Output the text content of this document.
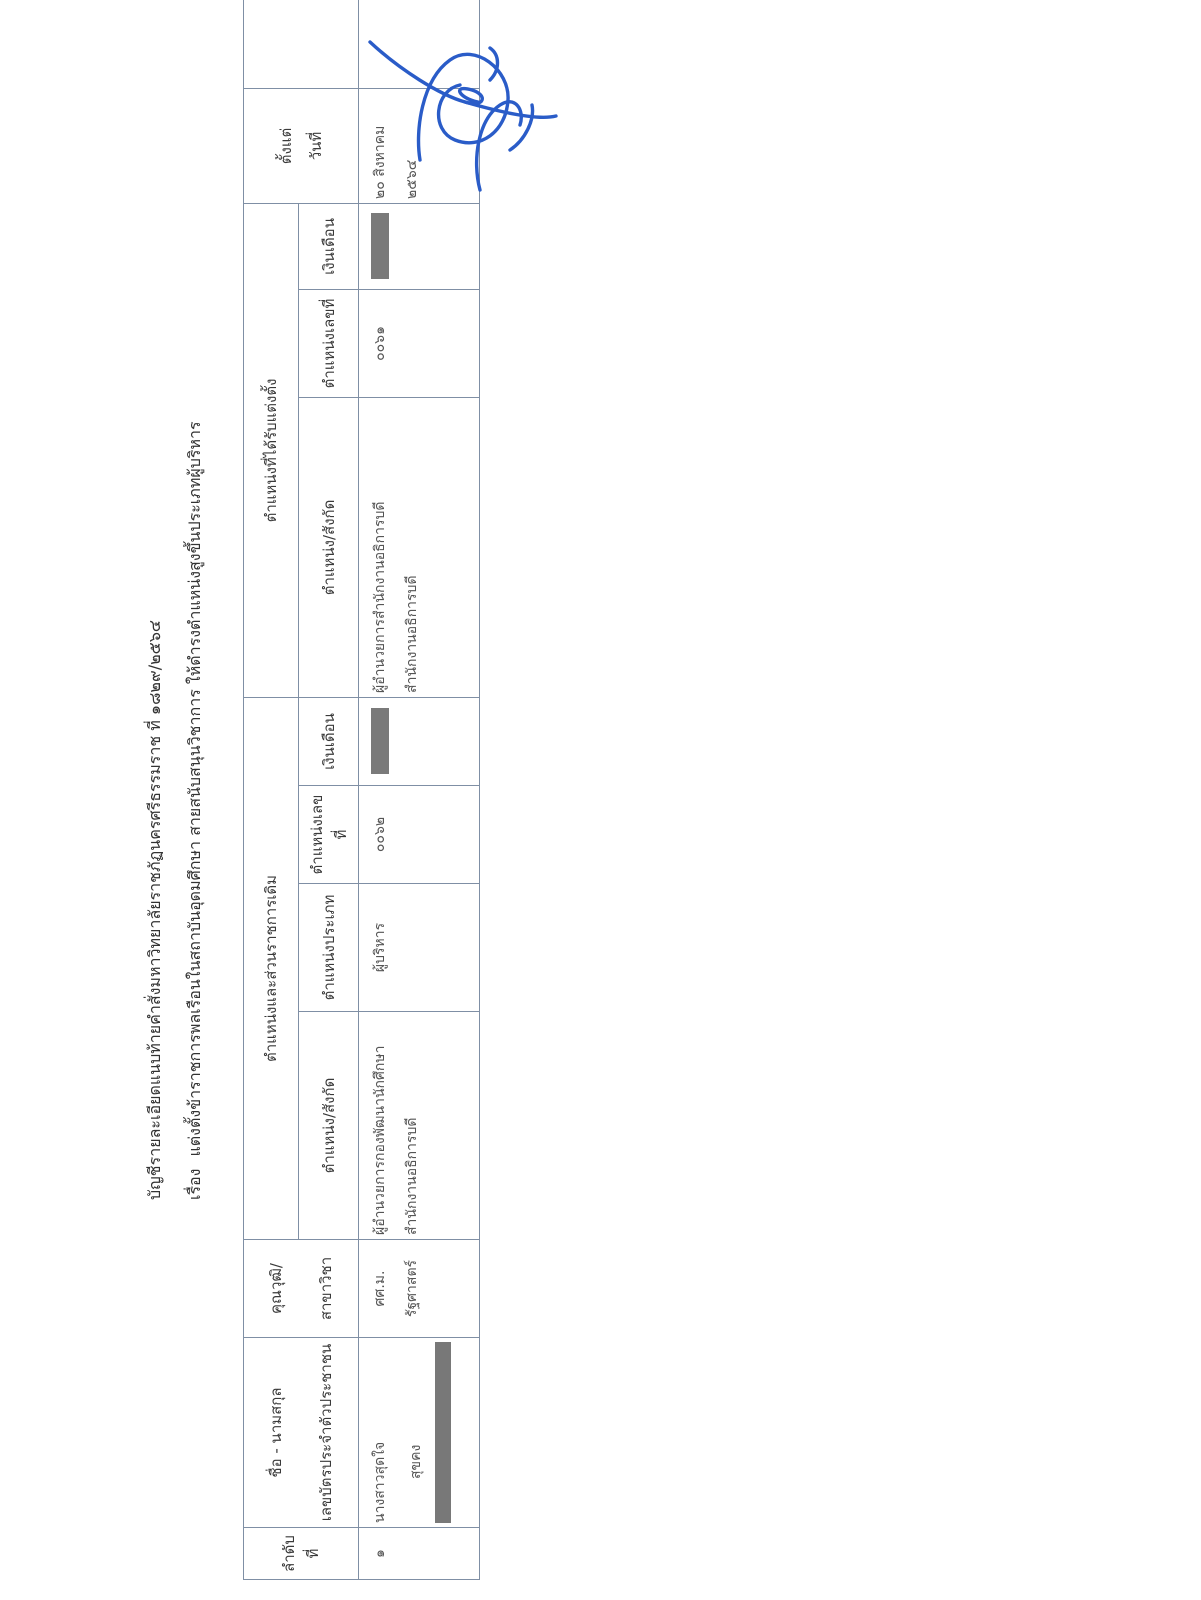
บัญชีรายละเอียดแนบท้ายคำสั่งมหาวิทยาลัยราชภัฏนครศรีธรรมราช ที่ ๑๘๒๙/๒๕๖๔ เรื่องแต่งตั้งข้าราชการพลเรือนในสถาบันอุดมศึกษา สายสนับสนุนวิชาการ ให้ดำรงตำแหน่งสูงขึ้นประเภทผู้บริหาร
ลำดับที่	ชื่อ - นามสกุล เลขบัตรประจำตัวประชาชน	คุณวุฒิ/ สาขาวิชา	ตำแหน่งและส่วนราชการเดิม				ตำแหน่งที่ได้รับแต่งตั้ง			ตั้งแต่ วันที่

			ตำแหน่ง/สังกัด	ตำแหน่งประเภท	ตำแหน่งเลขที่	เงินเดือน	ตำแหน่ง/สังกัด	ตำแหน่งเลขที่	เงินเดือน		
๑	นางสาวสุดใจ สุขคง	ศศ.ม. รัฐศาสตร์	ผู้อำนวยการกองพัฒนานักศึกษา สำนักงานอธิการบดี	ผู้บริหาร	๐๐๖๒		ผู้อำนวยการสำนักงานอธิการบดี สำนักงานอธิการบดี	๐๐๖๑		๒๐ สิงหาคม ๒๕๖๔	
